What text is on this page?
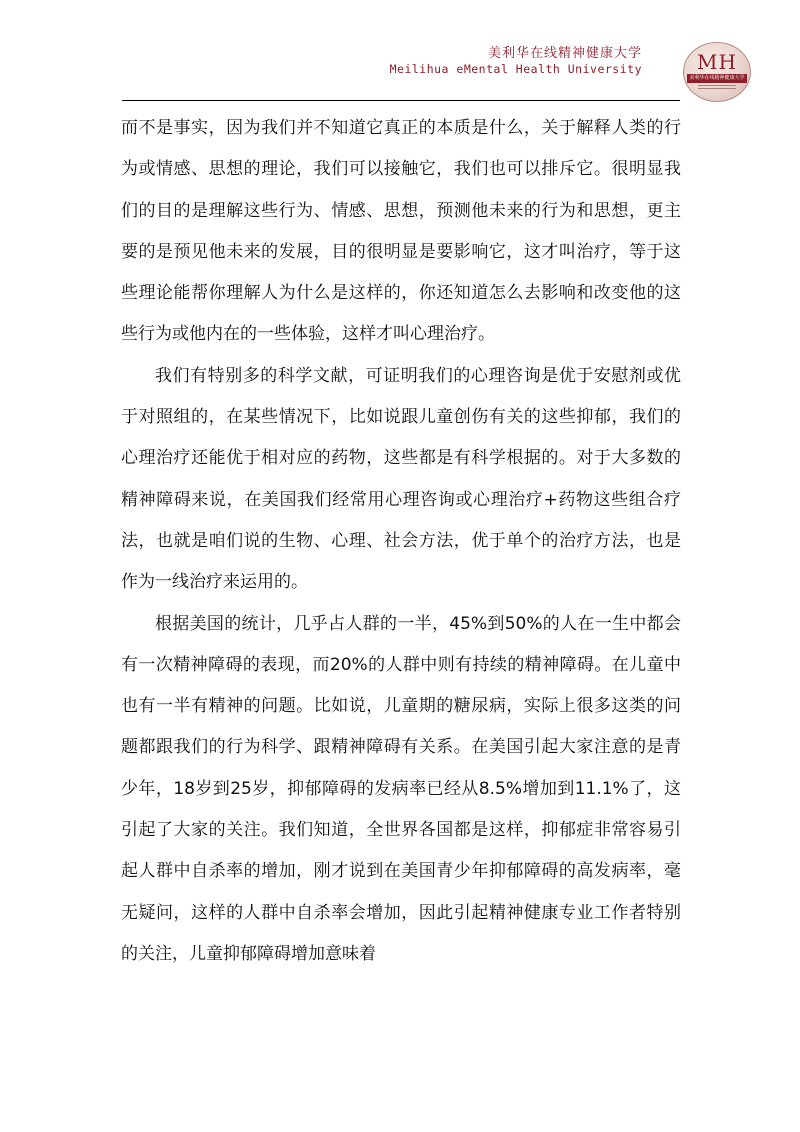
美利华在线精神健康大学
Meilihua eMental Health University	MH
美利华在线精神健康大学

而不是事实，因为我们并不知道它真正的本质是什么，关于解释人类的行为或情感、思想的理论，我们可以接触它，我们也可以排斥它。很明显我们的目的是理解这些行为、情感、思想，预测他未来的行为和思想，更主要的是预见他未来的发展，目的很明显是要影响它，这才叫治疗，等于这些理论能帮你理解人为什么是这样的，你还知道怎么去影响和改变他的这些行为或他内在的一些体验，这样才叫心理治疗。

我们有特别多的科学文献，可证明我们的心理咨询是优于安慰剂或优于对照组的，在某些情况下，比如说跟儿童创伤有关的这些抑郁，我们的心理治疗还能优于相对应的药物，这些都是有科学根据的。对于大多数的精神障碍来说，在美国我们经常用心理咨询或心理治疗+药物这些组合疗法，也就是咱们说的生物、心理、社会方法，优于单个的治疗方法，也是作为一线治疗来运用的。

根据美国的统计，几乎占人群的一半，45%到50%的人在一生中都会有一次精神障碍的表现，而20%的人群中则有持续的精神障碍。在儿童中也有一半有精神的问题。比如说，儿童期的糖尿病，实际上很多这类的问题都跟我们的行为科学、跟精神障碍有关系。在美国引起大家注意的是青少年，18岁到25岁，抑郁障碍的发病率已经从8.5%增加到11.1%了，这引起了大家的关注。我们知道，全世界各国都是这样，抑郁症非常容易引起人群中自杀率的增加，刚才说到在美国青少年抑郁障碍的高发病率，毫无疑问，这样的人群中自杀率会增加，因此引起精神健康专业工作者特别的关注，儿童抑郁障碍增加意味着
